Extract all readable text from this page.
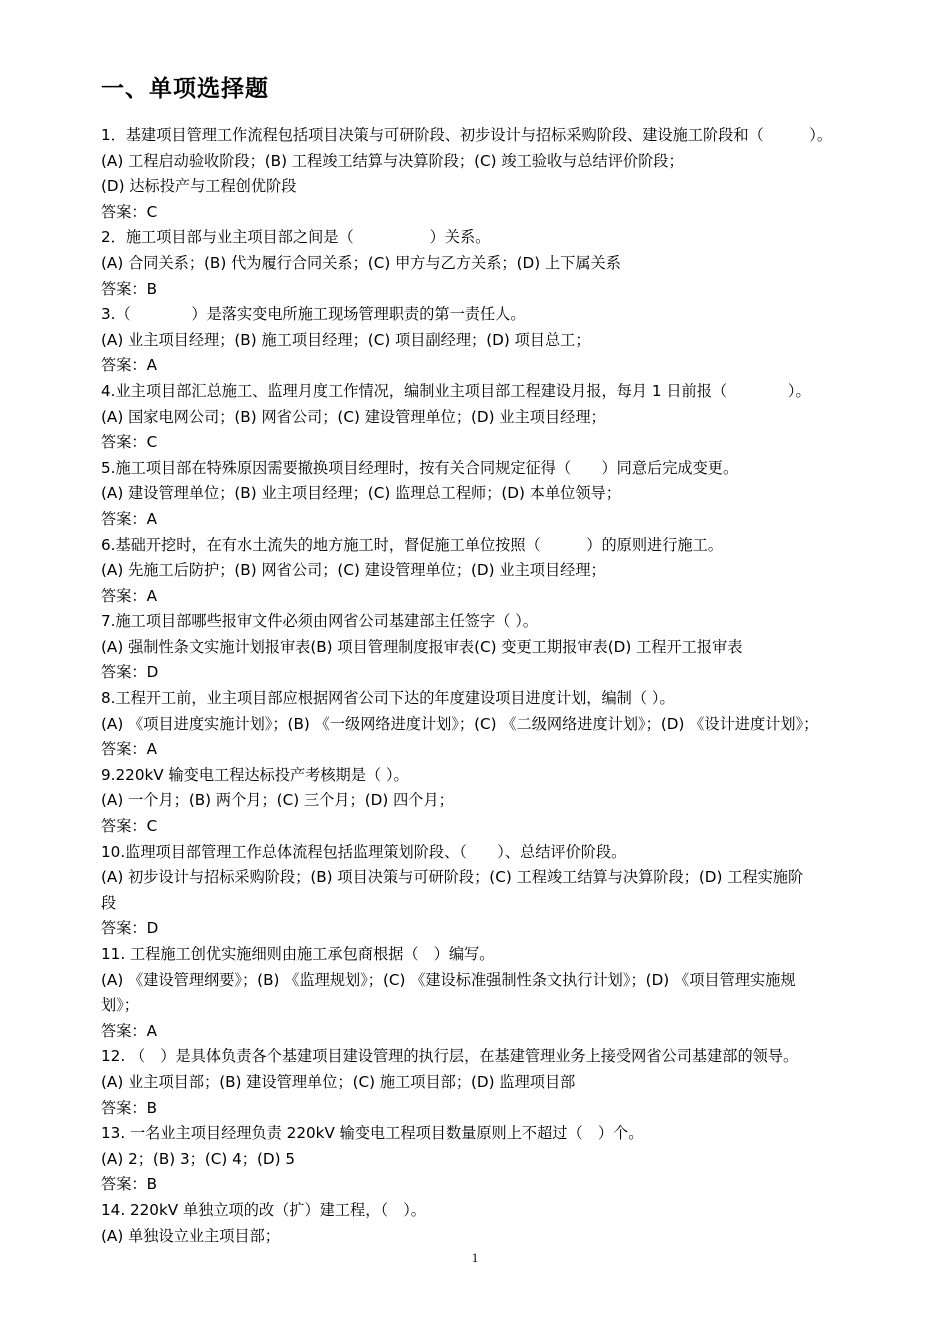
一、单项选择题
1．基建项目管理工作流程包括项目决策与可研阶段、初步设计与招标采购阶段、建设施工阶段和（　　　）。
(A) 工程启动验收阶段；(B) 工程竣工结算与决算阶段；(C) 竣工验收与总结评价阶段；
(D) 达标投产与工程创优阶段
答案：C
2．施工项目部与业主项目部之间是（　　　　　）关系。
(A) 合同关系；(B) 代为履行合同关系；(C) 甲方与乙方关系；(D) 上下属关系
答案：B
3.（　　　　）是落实变电所施工现场管理职责的第一责任人。
(A) 业主项目经理；(B) 施工项目经理；(C) 项目副经理；(D) 项目总工；
答案：A
4.业主项目部汇总施工、监理月度工作情况，编制业主项目部工程建设月报，每月 1 日前报（　　　　）。
(A) 国家电网公司；(B) 网省公司；(C) 建设管理单位；(D) 业主项目经理；
答案：C
5.施工项目部在特殊原因需要撤换项目经理时，按有关合同规定征得（　　）同意后完成变更。
(A) 建设管理单位；(B) 业主项目经理；(C) 监理总工程师；(D) 本单位领导；
答案：A
6.基础开挖时，在有水土流失的地方施工时，督促施工单位按照（　　　）的原则进行施工。
(A) 先施工后防护；(B) 网省公司；(C) 建设管理单位；(D) 业主项目经理；
答案：A
7.施工项目部哪些报审文件必须由网省公司基建部主任签字（ ）。
(A) 强制性条文实施计划报审表(B) 项目管理制度报审表(C) 变更工期报审表(D) 工程开工报审表
答案：D
8.工程开工前，业主项目部应根据网省公司下达的年度建设项目进度计划，编制（ ）。
(A) 《项目进度实施计划》；(B) 《一级网络进度计划》；(C) 《二级网络进度计划》；(D) 《设计进度计划》；
答案：A
9.220kV 输变电工程达标投产考核期是（ ）。
(A) 一个月；(B) 两个月；(C) 三个月；(D) 四个月；
答案：C
10.监理项目部管理工作总体流程包括监理策划阶段、（　　）、总结评价阶段。
(A) 初步设计与招标采购阶段；(B) 项目决策与可研阶段；(C) 工程竣工结算与决算阶段；(D) 工程实施阶
段
答案：D
11. 工程施工创优实施细则由施工承包商根据（　）编写。
(A) 《建设管理纲要》；(B) 《监理规划》；(C) 《建设标准强制性条文执行计划》；(D) 《项目管理实施规
划》；
答案：A
12. （　）是具体负责各个基建项目建设管理的执行层，在基建管理业务上接受网省公司基建部的领导。
(A) 业主项目部；(B) 建设管理单位；(C) 施工项目部；(D) 监理项目部
答案：B
13. 一名业主项目经理负责 220kV 输变电工程项目数量原则上不超过（　）个。
(A) 2；(B) 3；(C) 4；(D) 5
答案：B
14. 220kV 单独立项的改（扩）建工程，（　）。
(A) 单独设立业主项目部；
1
